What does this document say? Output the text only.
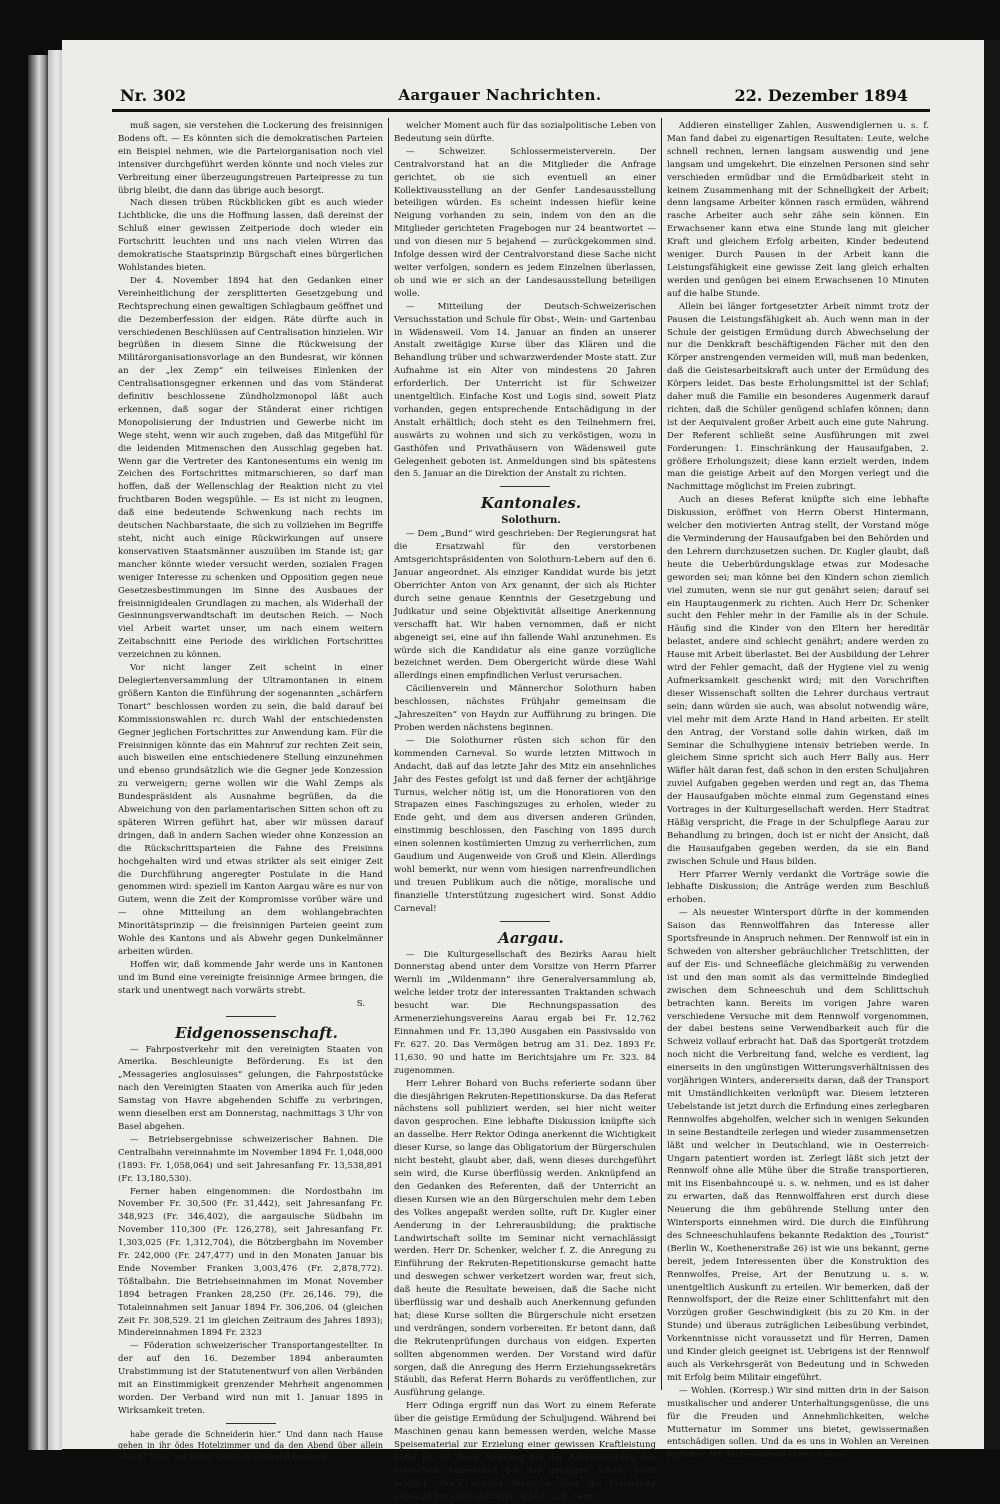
Nr. 302	Aargauer Nachrichten.	22. Dezember 1894

muß sagen, sie verstehen die Lockerung des freisinnigen Bodens oft. — Es könnten sich die demokratischen Parteien ein Beispiel nehmen, wie die Parteiorganisation noch viel intensiver durchgeführt werden könnte und noch vieles zur Verbreitung einer überzeugungstreuen Parteipresse zu tun übrig bleibt, die dann das übrige auch besorgt.

Nach diesen trüben Rückblicken gibt es auch wieder Lichtblicke, die uns die Hoffnung lassen, daß dereinst der Schluß einer gewissen Zeitperiode doch wieder ein Fortschritt leuchten und uns nach vielen Wirren das demokratische Staatsprinzip Bürgschaft eines bürgerlichen Wohlstandes bieten.

Der 4. November 1894 hat den Gedanken einer Vereinheitlichung der zersplitterten Gesetzgebung und Rechtsprechung einen gewaltigen Schlagbaum geöffnet und die Dezemberfession der eidgen. Räte dürfte auch in verschiedenen Beschlüssen auf Centralisation hinzielen. Wir begrüßen in diesem Sinne die Rückweisung der Militärorganisationsvorlage an den Bundesrat, wir können an der „lex Zemp“ ein teilweises Einlenken der Centralisationsgegner erkennen und das vom Ständerat definitiv beschlossene Zündholzmonopol läßt auch erkennen, daß sogar der Ständerat einer richtigen Monopolisierung der Industrien und Gewerbe nicht im Wege steht, wenn wir auch zugeben, daß das Mitgefühl für die leidenden Mitmenschen den Ausschlag gegeben hat. Wenn gar die Vertreter des Kantonesentums ein wenig im Zeichen des Fortschrittes mitmarschieren, so darf man hoffen, daß der Wellenschlag der Reaktion nicht zu viel fruchtbaren Boden wegspühle. — Es ist nicht zu leugnen, daß eine bedeutende Schwenkung nach rechts im deutschen Nachbarstaate, die sich zu vollziehen im Begriffe steht, nicht auch einige Rückwirkungen auf unsere konservativen Staatsmänner auszuüben im Stande ist; gar mancher könnte wieder versucht werden, sozialen Fragen weniger Interesse zu schenken und Opposition gegen neue Gesetzesbestimmungen im Sinne des Ausbaues der freisinnigidealen Grundlagen zu machen, als Widerhall der Gesinnungsverwandtschaft im deutschen Reich. — Noch viel Arbeit wartet unser, um nach einem weitern Zeitabschnitt eine Periode des wirklichen Fortschrittes verzeichnen zu können.

Vor nicht langer Zeit scheint in einer Delegiertenversammlung der Ultramontanen in einem größern Kanton die Einführung der sogenannten „schärfern Tonart“ beschlossen worden zu sein, die bald darauf bei Kommissionswahlen rc. durch Wahl der entschiedensten Gegner jeglichen Fortschrittes zur Anwendung kam. Für die Freisinnigen könnte das ein Mahnruf zur rechten Zeit sein, auch bisweilen eine entschiedenere Stellung einzunehmen und ebenso grundsätzlich wie die Gegner jede Konzession zu verweigern; gerne wollen wir die Wahl Zemps als Bundespräsident als Ausnahme begrüßen, da die Abweichung von den parlamentarischen Sitten schon oft zu späteren Wirren geführt hat, aber wir müssen darauf dringen, daß in andern Sachen wieder ohne Konzession an die Rückschrittsparteien die Fahne des Freisinns hochgehalten wird und etwas strikter als seit einiger Zeit die Durchführung angeregter Postulate in die Hand genommen wird: speziell im Kanton Aargau wäre es nur von Gutem, wenn die Zeit der Kompromisse vorüber wäre und — ohne Mitteilung an dem wohlangebrachten Minoritätsprinzip — die freisinnigen Parteien geeint zum Wohle des Kantons und als Abwehr gegen Dunkelmänner arbeiten würden.

Hoffen wir, daß kommende Jahr werde uns in Kantonen und im Bund eine vereinigte freisinnige Armee bringen, die stark und unentwegt nach vorwärts strebt.

S.

Eidgenossenschaft.

— Fahrpostverkehr mit den vereinigten Staaten von Amerika. Beschleunigte Beförderung. Es ist den „Messageries anglosuisses“ gelungen, die Fahrpoststücke nach den Vereinigten Staaten von Amerika auch für jeden Samstag von Havre abgehenden Schiffe zu verbringen, wenn dieselben erst am Donnerstag, nachmittags 3 Uhr von Basel abgehen.

— Betriebsergebnisse schweizerischer Bahnen. Die Centralbahn vereinnahmte im November 1894 Fr. 1,048,000 (1893: Fr. 1,058,064) und seit Jahresanfang Fr. 13,538,891 (Fr. 13,180,530).

Ferner haben eingenommen: die Nordostbahn im November Fr. 30,500 (Fr. 31,442), seit Jahresanfang Fr. 348,923 (Fr. 346,402), die aargauische Südbahn im November 110,300 (Fr. 126,278), seit Jahresanfang Fr. 1,303,025 (Fr. 1,312,704), die Bötzbergbahn im November Fr. 242,000 (Fr. 247,477) und in den Monaten Januar bis Ende November Franken 3,003,476 (Fr. 2,878,772). Tößtalbahn. Die Betriebseinnahmen im Monat November 1894 betragen Franken 28,250 (Fr. 26,146. 79), die Totaleinnahmen seit Januar 1894 Fr. 306,206. 04 (gleichen Zeit Fr. 308,529. 21 im gleichen Zeitraum des Jahres 1893); Mindereinnahmen 1894 Fr. 2323

— Föderation schweizerischer Transportangestellter. In der auf den 16. Dezember 1894 anberaumten Urabstimmung ist der Statutenentwurf von allen Verbänden mit an Einstimmigkeit grenzender Mehrheit angenommen worden. Der Verband wird nun mit 1. Januar 1895 in Wirksamkeit treten.

habe gerade die Schneiderin hier.“ Und dann nach Hause gehen in ihr ödes Hotelzimmer und da den Abend über allein sitzen? Nein, nur lieber gleich in Ordnung kommen.

welcher Moment auch für das sozialpolitische Leben von Bedeutung sein dürfte.

— Schweizer. Schlossermeisterverein. Der Centralvorstand hat an die Mitglieder die Anfrage gerichtet, ob sie sich eventuell an einer Kollektivausstellung an der Genfer Landesausstellung beteiligen würden. Es scheint indessen hiefür keine Neigung vorhanden zu sein, indem von den an die Mitglieder gerichteten Fragebogen nur 24 beantwortet — und von diesen nur 5 bejahend — zurückgekommen sind. Infolge dessen wird der Centralvorstand diese Sache nicht weiter verfolgen, sondern es jedem Einzelnen überlassen, ob und wie er sich an der Landesausstellung beteiligen wolle.

— Mitteilung der Deutsch-Schweizerischen Versuchsstation und Schule für Obst-, Wein- und Gartenbau in Wädensweil. Vom 14. Januar an finden an unserer Anstalt zweitägige Kurse über das Klären und die Behandlung trüber und schwarzwerdender Moste statt. Zur Aufnahme ist ein Alter von mindestens 20 Jahren erforderlich. Der Unterricht ist für Schweizer unentgeltlich. Einfache Kost und Logis sind, soweit Platz vorhanden, gegen entsprechende Entschädigung in der Anstalt erhältlich; doch steht es den Teilnehmern frei, auswärts zu wohnen und sich zu verköstigen, wozu in Gasthöfen und Privathäusern von Wädensweil gute Gelegenheit geboten ist. Anmeldungen sind bis spätestens den 5. Januar an die Direktion der Anstalt zu richten.

Kantonales.

Solothurn.

— Dem „Bund“ wird geschrieben: Der Regierungsrat hat die Ersatzwahl für den verstorbenen Amtsgerichtspräsidenten von Solothurn-Lebern auf den 6. Januar angeordnet. Als einziger Kandidat wurde bis jetzt Oberrichter Anton von Arx genannt, der sich als Richter durch seine genaue Kenntnis der Gesetzgebung und Judikatur und seine Objektivität allseitige Anerkennung verschafft hat. Wir haben vernommen, daß er nicht abgeneigt sei, eine auf ihn fallende Wahl anzunehmen. Es würde sich die Kandidatur als eine ganze vorzügliche bezeichnet werden. Dem Obergericht würde diese Wahl allerdings einen empfindlichen Verlust verursachen.

Cäcilienverein und Männerchor Solothurn haben beschlossen, nächstes Frühjahr gemeinsam die „Jahreszeiten“ von Haydn zur Aufführung zu bringen. Die Proben werden nächstens beginnen.

— Die Solothurner rüsten sich schon für den kommenden Carneval. So wurde letzten Mittwoch in Andacht, daß auf das letzte Jahr des Mitz ein ansehnliches Jahr des Festes gefolgt ist und daß ferner der achtjährige Turnus, welcher nötig ist, um die Honoratioren von den Strapazen eines Faschingszuges zu erholen, wieder zu Ende geht, und dem aus diversen anderen Gründen, einstimmig beschlossen, den Fasching von 1895 durch einen solennen kostümierten Umzug zu verherrlichen, zum Gaudium und Augenweide von Groß und Klein. Allerdings wohl bemerkt, nur wenn vom hiesigen narrenfreundlichen und treuen Publikum auch die nötige, moralische und finanzielle Unterstützung zugesichert wird. Sonst Addio Carneval!

Aargau.

— Die Kulturgesellschaft des Bezirks Aarau hielt Donnerstag abend unter dem Vorsitze von Herrn Pfarrer Wernli im „Wildenmann“ ihre Generalversammlung ab, welche leider trotz der interessanten Traktanden schwach besucht war. Die Rechnungspassation des Armenerziehungsvereins Aarau ergab bei Fr. 12,762 Einnahmen und Fr. 13,390 Ausgaben ein Passivsaldo von Fr. 627. 20. Das Vermögen betrug am 31. Dez. 1893 Fr. 11,630. 90 und hatte im Berichtsjahre um Fr. 323. 84 zugenommen.

Herr Lehrer Bohard von Buchs referierte sodann über die diesjährigen Rekruten-Repetitionskurse. Da das Referat nächstens soll publiziert werden, sei hier nicht weiter davon gesprochen. Eine lebhafte Diskussion knüpfte sich an dasselbe. Herr Rektor Odinga anerkennt die Wichtigkeit dieser Kurse, so lange das Obligatorium der Bürgerschulen nicht besteht, glaubt aber, daß, wenn dieses durchgeführt sein wird, die Kurse überflüssig werden. Anknüpfend an den Gedanken des Referenten, daß der Unterricht an diesen Kursen wie an den Bürgerschulen mehr dem Leben des Volkes angepaßt werden sollte, ruft Dr. Kugler einer Aenderung in der Lehrerausbildung; die praktische Landwirtschaft sollte im Seminar nicht vernachlässigt werden. Herr Dr. Schenker, welcher f. Z. die Anregung zu Einführung der Rekruten-Repetitionskurse gemacht hatte und deswegen schwer verketzert worden war, freut sich, daß heute die Resultate beweisen, daß die Sache nicht überflüssig war und deshalb auch Anerkennung gefunden hat; diese Kurse sollten die Bürgerschule nicht ersetzen und verdrängen, sondern vorbereiten. Er betont dann, daß die Rekrutenprüfungen durchaus von eidgen. Experten sollten abgenommen werden. Der Vorstand wird dafür sorgen, daß die Anregung des Herrn Erziehungssekretärs Stäubli, das Referat Herrn Bohards zu veröffentlichen, zur Ausführung gelange.

Herr Odinga ergriff nun das Wort zu einem Referate über die geistige Ermüdung der Schuljugend. Während bei Maschinen genau kann bemessen werden, welche Masse Speisematerial zur Erzielung einer gewissen Kraftleistung nötig ist, ist diese Messung bei der Arbeitsleistung des Menschen, namentlich bei der geistigen Arbeit, nicht möglich. Doch wurden Versuche über die Ermüdung gemacht bei einer geistigen Arbeit, z. B. beim

Addieren einstelliger Zahlen, Auswendiglernen u. s. f. Man fand dabei zu eigenartigen Resultaten: Leute, welche schnell rechnen, lernen langsam auswendig und jene langsam und umgekehrt. Die einzelnen Personen sind sehr verschieden ermüdbar und die Ermüdbarkeit steht in keinem Zusammenhang mit der Schnelligkeit der Arbeit; denn langsame Arbeiter können rasch ermüden, während rasche Arbeiter auch sehr zähe sein können. Ein Erwachsener kann etwa eine Stunde lang mit gleicher Kraft und gleichem Erfolg arbeiten, Kinder bedeutend weniger. Durch Pausen in der Arbeit kann die Leistungsfähigkeit eine gewisse Zeit lang gleich erhalten werden und genügen bei einem Erwachsenen 10 Minuten auf die halbe Stunde.

Allein bei länger fortgesetzter Arbeit nimmt trotz der Pausen die Leistungsfähigkeit ab. Auch wenn man in der Schule der geistigen Ermüdung durch Abwechselung der nur die Denkkraft beschäftigenden Fächer mit den den Körper anstrengenden vermeiden will, muß man bedenken, daß die Geistesarbeitskraft auch unter der Ermüdung des Körpers leidet. Das beste Erholungsmittel ist der Schlaf; daher muß die Familie ein besonderes Augenmerk darauf richten, daß die Schüler genügend schlafen können; dann ist der Aequivalent großer Arbeit auch eine gute Nahrung. Der Referent schließt seine Ausführungen mit zwei Forderungen: 1. Einschränkung der Hausaufgaben, 2. größere Erholungszeit; diese kann erzielt werden, indem man die geistige Arbeit auf den Morgen verlegt und die Nachmittage möglichst im Freien zubringt.

Auch an dieses Referat knüpfte sich eine lebhafte Diskussion, eröffnet von Herrn Oberst Hintermann, welcher den motivierten Antrag stellt, der Vorstand möge die Verminderung der Hausaufgaben bei den Behörden und den Lehrern durchzusetzen suchen. Dr. Kugler glaubt, daß heute die Ueberbürdungsklage etwas zur Modesache geworden sei; man könne bei den Kindern schon ziemlich viel zumuten, wenn sie nur gut genährt seien; darauf sei ein Hauptaugenmerk zu richten. Auch Herr Dr. Schenker sucht den Fehler mehr in der Familie als in der Schule. Häufig sind die Kinder von den Eltern her hereditär belastet, andere sind schlecht genährt; andere werden zu Hause mit Arbeit überlastet. Bei der Ausbildung der Lehrer wird der Fehler gemacht, daß der Hygiene viel zu wenig Aufmerksamkeit geschenkt wird; mit den Vorschriften dieser Wissenschaft sollten die Lehrer durchaus vertraut sein; dann würden sie auch, was absolut notwendig wäre, viel mehr mit dem Arzte Hand in Hand arbeiten. Er stellt den Antrag, der Vorstand solle dahin wirken, daß im Seminar die Schulhygiene intensiv betrieben werde. In gleichem Sinne spricht sich auch Herr Bally aus. Herr Wäfler hält daran fest, daß schon in den ersten Schuljahren zuviel Aufgaben gegeben werden und regt an, das Thema der Hausaufgaben möchte einmal zum Gegenstand eines Vortrages in der Kulturgesellschaft werden. Herr Stadtrat Häßig verspricht, die Frage in der Schulpflege Aarau zur Behandlung zu bringen, doch ist er nicht der Ansicht, daß die Hausaufgaben gegeben werden, da sie ein Band zwischen Schule und Haus bilden.

Herr Pfarrer Wernly verdankt die Vorträge sowie die lebhafte Diskussion; die Anträge werden zum Beschluß erhoben.

— Als neuester Wintersport dürfte in der kommenden Saison das Rennwolffahren das Interesse aller Sportsfreunde in Anspruch nehmen. Der Rennwolf ist ein in Schweden von altersher gebräuchlicher Tretschlitten, der auf der Eis- und Schneefläche gleichmäßig zu verwenden ist und den man somit als das vermittelnde Bindeglied zwischen dem Schneeschuh und dem Schlittschuh betrachten kann. Bereits im vorigen Jahre waren verschiedene Versuche mit dem Rennwolf vorgenommen, der dabei bestens seine Verwendbarkeit auch für die Schweiz vollauf erbracht hat. Daß das Sportgerät trotzdem noch nicht die Verbreitung fand, welche es verdient, lag einerseits in den ungünstigen Witterungsverhältnissen des vorjährigen Winters, andererseits daran, daß der Transport mit Umständlichkeiten verknüpft war. Diesem letzteren Uebelstande ist jetzt durch die Erfindung eines zerlegbaren Rennwolfes abgeholfen, welcher sich in wenigen Sekunden in seine Bestandteile zerlegen und wieder zusammensetzen läßt und welcher in Deutschland, wie in Oesterreich-Ungarn patentiert worden ist. Zerlegt läßt sich jetzt der Rennwolf ohne alle Mühe über die Straße transportieren, mit ins Eisenbahncoupé u. s. w. nehmen, und es ist daher zu erwarten, daß das Rennwolffahren erst durch diese Neuerung die ihm gebührende Stellung unter den Wintersports einnehmen wird. Die durch die Einführung des Schneeschuhlaufens bekannte Redaktion des „Tourist“ (Berlin W., Koethenerstraße 26) ist wie uns bekannt, gerne bereit, jedem Interessenten über die Konstruktion des Rennwolfes, Preise, Art der Benutzung u. s. w. unentgeltlich Auskunft zu erteilen. Wir bemerken, daß der Rennwolfsport, der die Reize einer Schlittenfahrt mit den Vorzügen großer Geschwindigkeit (bis zu 20 Km. in der Stunde) und überaus zuträglichen Leibesübung verbindet, Vorkenntnisse nicht voraussetzt und für Herren, Damen und Kinder gleich geeignet ist. Uebrigens ist der Rennwolf auch als Verkehrsgerät von Bedeutung und in Schweden mit Erfolg beim Militair eingeführt.

— Wohlen. (Korresp.) Wir sind mitten drin in der Saison musikalischer und anderer Unterhaltungsgenüsse, die uns für die Freuden und Annehmlichkeiten, welche Mutternatur im Sommer uns bietet, gewissermaßen entschädigen sollen. Und da es uns in Wohlen an Vereinen jeglicher Art, insbesondere aber an musi-
